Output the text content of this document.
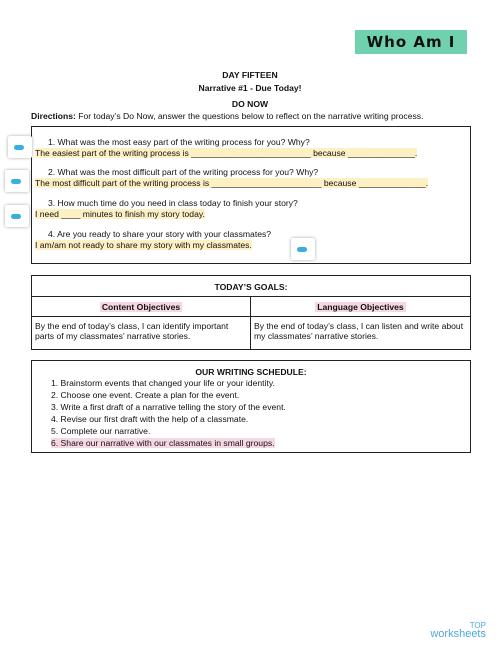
Who Am I
DAY FIFTEEN
Narrative #1 - Due Today!
DO NOW
Directions: For today’s Do Now, answer the questions below to reflect on the narrative writing process.
1. What was the most easy part of the writing process for you? Why?
The easiest part of the writing process is _________________________ because ______________.
2. What was the most difficult part of the writing process for you? Why?
The most difficult part of the writing process is _______________________ because ______________.
3. How much time do you need in class today to finish your story?
I need ____ minutes to finish my story today.
4. Are you ready to share your story with your classmates?
I am/am not ready to share my story with my classmates.
TODAY’S GOALS:
Content Objectives	Language Objectives
By the end of today’s class, I can identify important parts of my classmates’ narrative stories.
By the end of today’s class, I can listen and write about my classmates’ narrative stories.
OUR WRITING SCHEDULE:
1. Brainstorm events that changed your life or your identity.
2. Choose one event. Create a plan for the event.
3. Write a first draft of a narrative telling the story of the event.
4. Revise our first draft with the help of a classmate.
5. Complete our narrative.
6. Share our narrative with our classmates in small groups.
TOP
worksheets
